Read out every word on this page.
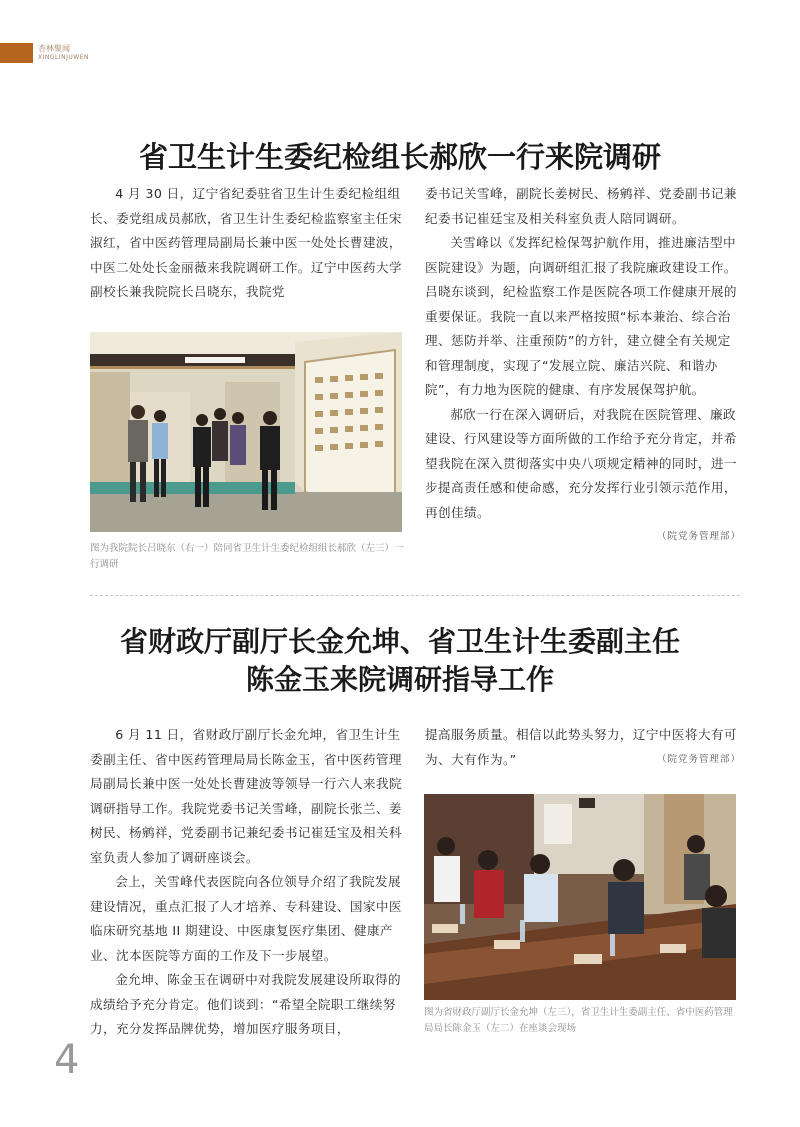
杏林聚闻
XINGLINJUWEN
省卫生计生委纪检组长郝欣一行来院调研

4 月 30 日，辽宁省纪委驻省卫生计生委纪检组组长、委党组成员郝欣，省卫生计生委纪检监察室主任宋淑红，省中医药管理局副局长兼中医一处处长曹建波，中医二处处长金丽薇来我院调研工作。辽宁中医药大学副校长兼我院院长吕晓东，我院党

图为我院院长吕晓东（右一）陪同省卫生计生委纪检组组长郝欣（左三）一行调研

委书记关雪峰，副院长姜树民、杨鹓祥、党委副书记兼纪委书记崔廷宝及相关科室负责人陪同调研。

关雪峰以《发挥纪检保驾护航作用，推进廉洁型中医院建设》为题，向调研组汇报了我院廉政建设工作。吕晓东谈到，纪检监察工作是医院各项工作健康开展的重要保证。我院一直以来严格按照“标本兼治、综合治理、惩防并举、注重预防”的方针，建立健全有关规定和管理制度，实现了“发展立院、廉洁兴院、和谐办院”，有力地为医院的健康、有序发展保驾护航。

郝欣一行在深入调研后，对我院在医院管理、廉政建设、行风建设等方面所做的工作给予充分肯定，并希望我院在深入贯彻落实中央八项规定精神的同时，进一步提高责任感和使命感，充分发挥行业引领示范作用，再创佳绩。

（院党务管理部）

省财政厅副厅长金允坤、省卫生计生委副主任
陈金玉来院调研指导工作

6 月 11 日，省财政厅副厅长金允坤，省卫生计生委副主任、省中医药管理局局长陈金玉，省中医药管理局副局长兼中医一处处长曹建波等领导一行六人来我院调研指导工作。我院党委书记关雪峰，副院长张兰、姜树民、杨鹓祥，党委副书记兼纪委书记崔廷宝及相关科室负责人参加了调研座谈会。

会上，关雪峰代表医院向各位领导介绍了我院发展建设情况，重点汇报了人才培养、专科建设、国家中医临床研究基地 II 期建设、中医康复医疗集团、健康产业、沈本医院等方面的工作及下一步展望。

金允坤、陈金玉在调研中对我院发展建设所取得的成绩给予充分肯定。他们谈到：“希望全院职工继续努力，充分发挥品牌优势，增加医疗服务项目，

提高服务质量。相信以此势头努力，辽宁中医将大有可为、大有作为。”	（院党务管理部）

图为省财政厅副厅长金允坤（左三），省卫生计生委副主任、省中医药管理局局长陈金玉（左二）在座谈会现场
4
